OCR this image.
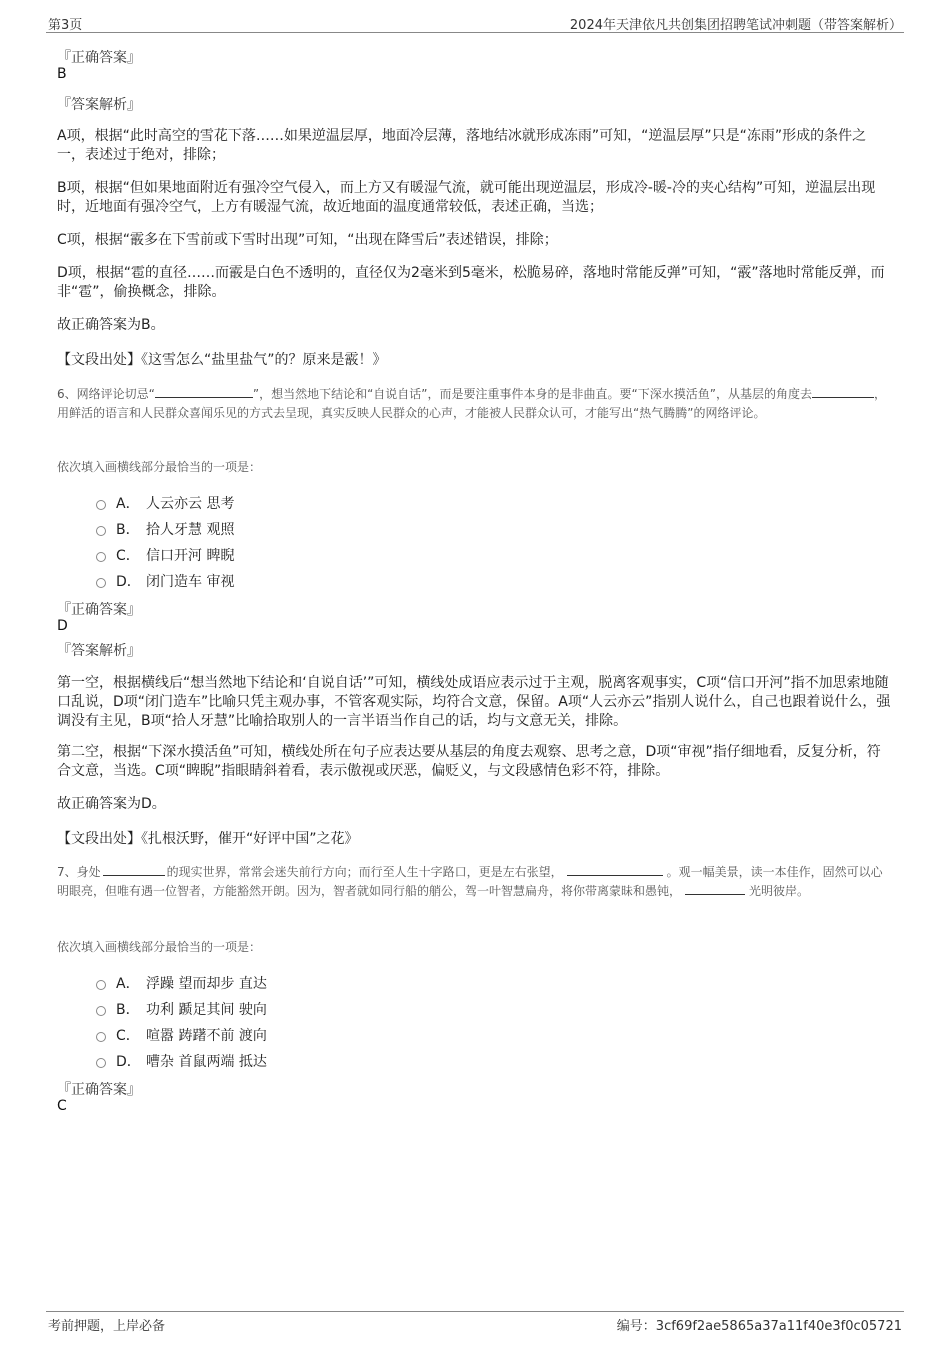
第3页	2024年天津依凡共创集团招聘笔试冲刺题（带答案解析）
『正确答案』
B
『答案解析』
A项，根据“此时高空的雪花下落……如果逆温层厚，地面冷层薄，落地结冰就形成冻雨”可知，“逆温层厚”只是“冻雨”形成的条件之一，表述过于绝对，排除；
B项，根据“但如果地面附近有强冷空气侵入，而上方又有暖湿气流，就可能出现逆温层，形成冷-暖-冷的夹心结构”可知，逆温层出现时，近地面有强冷空气，上方有暖湿气流，故近地面的温度通常较低，表述正确，当选；
C项，根据“霰多在下雪前或下雪时出现”可知，“出现在降雪后”表述错误，排除；
D项，根据“雹的直径……而霰是白色不透明的，直径仅为2毫米到5毫米，松脆易碎，落地时常能反弹”可知，“霰”落地时常能反弹，而非“雹”，偷换概念，排除。
故正确答案为B。
【文段出处】《这雪怎么“盐里盐气”的？原来是霰！》
6、网络评论切忌“	”，想当然地下结论和“自说自话”，而是要注重事件本身的是非曲直。要“下深水摸活鱼”，从基层的角度去	，用鲜活的语言和人民群众喜闻乐见的方式去呈现，真实反映人民群众的心声，才能被人民群众认可，才能写出“热气腾腾”的网络评论。
依次填入画横线部分最恰当的一项是：
A． 人云亦云 思考
B． 拾人牙慧 观照
C． 信口开河 睥睨
D． 闭门造车 审视
『正确答案』
D
『答案解析』
第一空，根据横线后“想当然地下结论和‘自说自话’”可知，横线处成语应表示过于主观，脱离客观事实，C项“信口开河”指不加思索地随口乱说，D项“闭门造车”比喻只凭主观办事，不管客观实际，均符合文意，保留。A项“人云亦云”指别人说什么，自己也跟着说什么，强调没有主见，B项“拾人牙慧”比喻拾取别人的一言半语当作自己的话，均与文意无关，排除。
第二空，根据“下深水摸活鱼”可知，横线处所在句子应表达要从基层的角度去观察、思考之意，D项“审视”指仔细地看，反复分析，符合文意，当选。C项“睥睨”指眼睛斜着看，表示傲视或厌恶，偏贬义，与文段感情色彩不符，排除。
故正确答案为D。
【文段出处】《扎根沃野，催开“好评中国”之花》
7、身处	的现实世界，常常会迷失前行方向；而行至人生十字路口，更是左右张望，	。观一幅美景，读一本佳作，固然可以心明眼亮，但唯有遇一位智者，方能豁然开朗。因为，智者就如同行船的艄公，驾一叶智慧扁舟，将你带离蒙昧和愚钝，	光明彼岸。
依次填入画横线部分最恰当的一项是：
A． 浮躁 望而却步 直达
B． 功利 踬足其间 驶向
C． 喧嚣 踌躇不前 渡向
D． 嘈杂 首鼠两端 抵达
『正确答案』
C
考前押题，上岸必备	编号：3cf69f2ae5865a37a11f40e3f0c05721
